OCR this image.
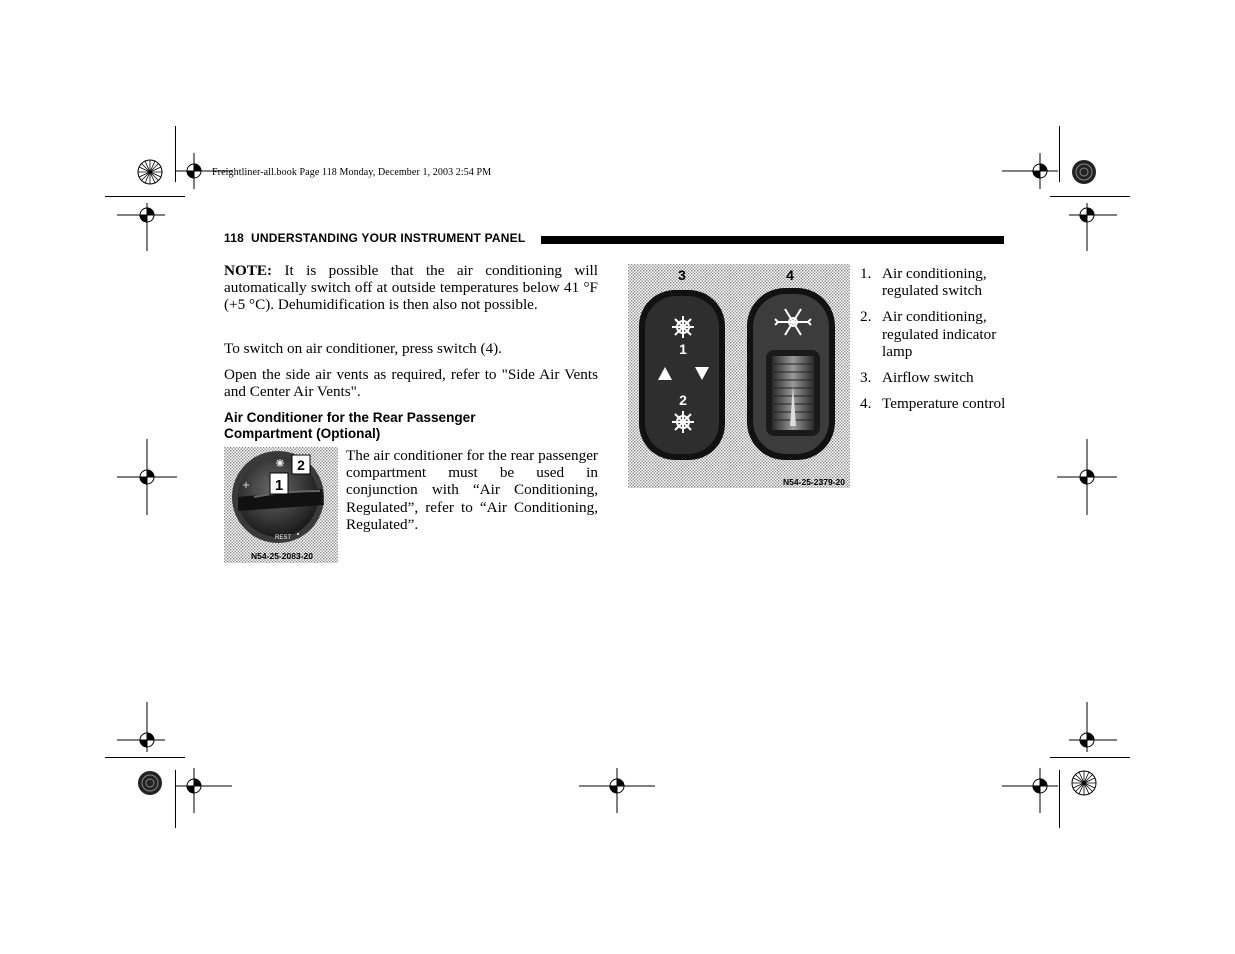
Freightliner-all.book Page 118 Monday, December 1, 2003 2:54 PM
118 UNDERSTANDING YOUR INSTRUMENT PANEL

NOTE: It is possible that the air conditioning will automatically switch off at outside temperatures below 41 °F (+5 °C). Dehumidification is then also not possible.

To switch on air conditioner, press switch (4).

Open the side air vents as required, refer to "Side Air Vents and Center Air Vents".

Air Conditioner for the Rear Passenger
Compartment (Optional)

The air conditioner for the rear passenger compartment must be used in conjunction with “Air Conditioning, Regulated”, refer to “Air Conditioning, Regulated”.

1
2
REST
N54-25-2083-20
1
2
3	4
N54-25-2379-20
1. Air conditioning, regulated switch
2. Air conditioning, regulated indicator lamp
3. Airflow switch
4. Temperature control
